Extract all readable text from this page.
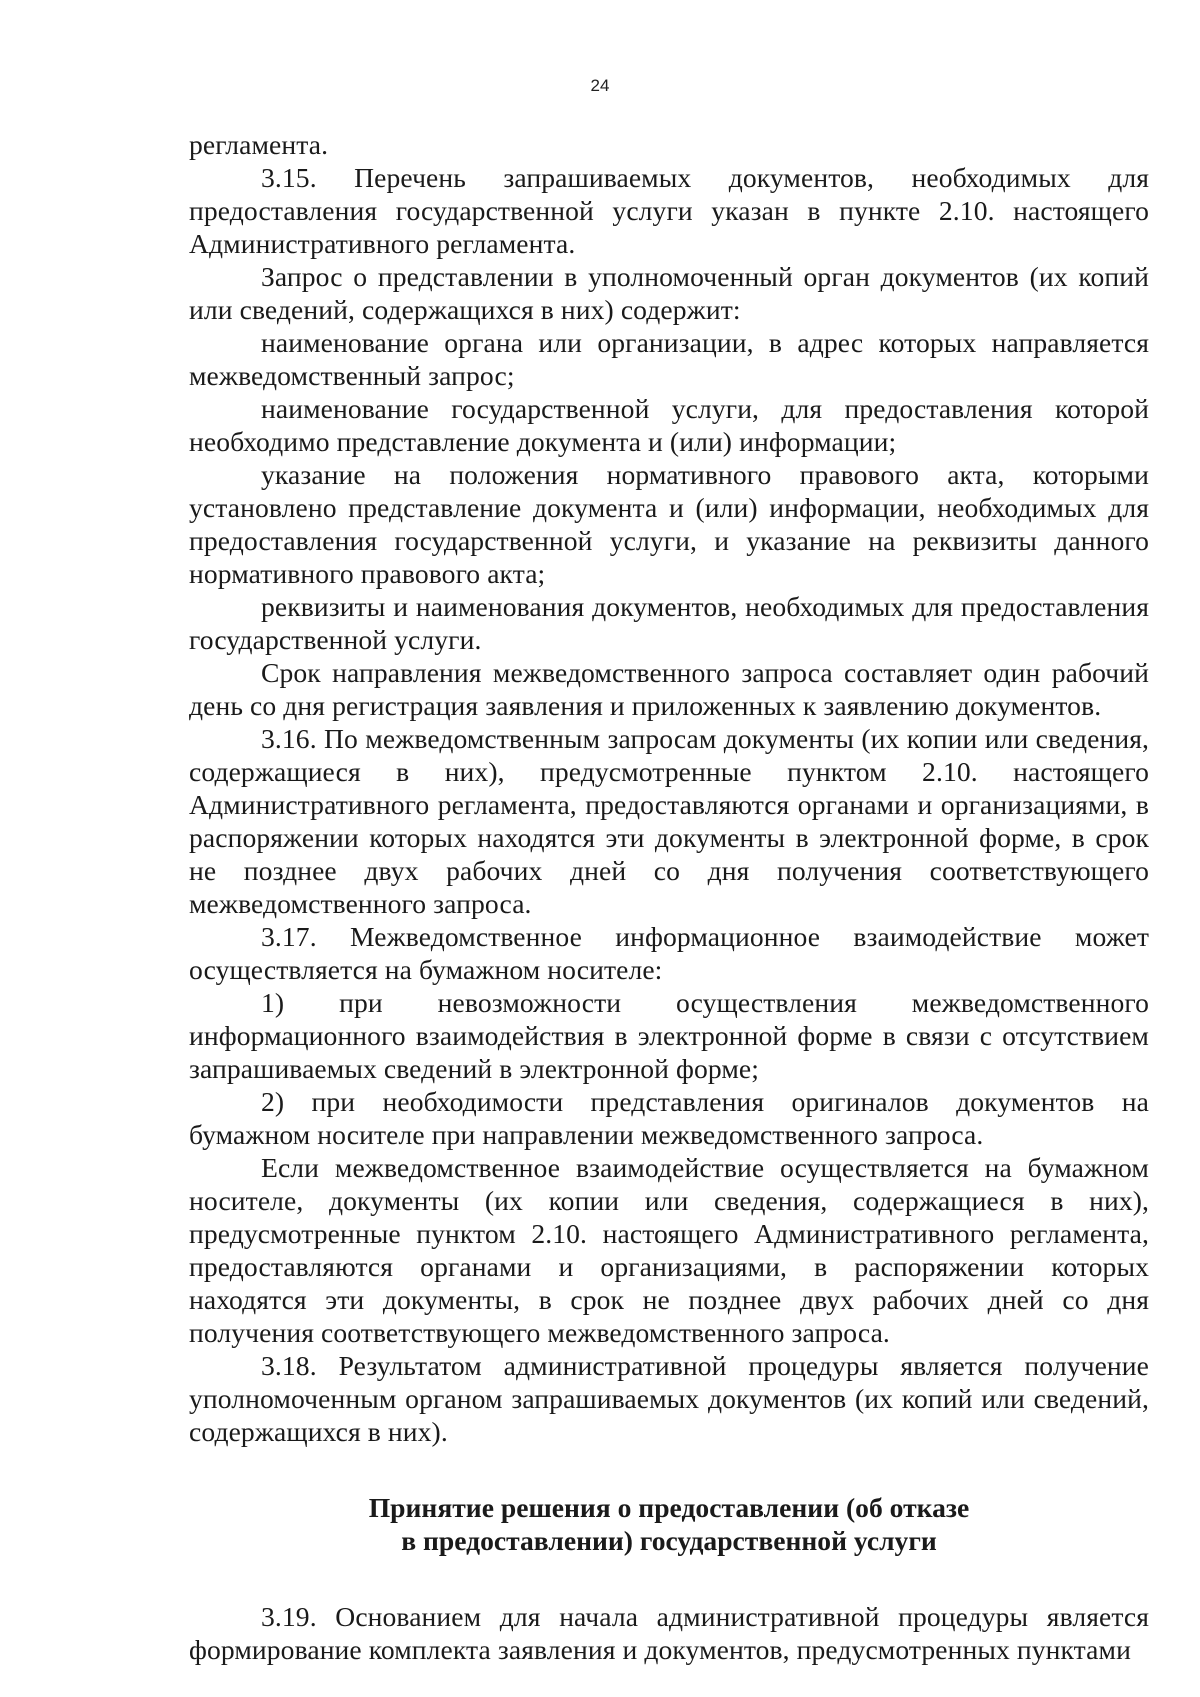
24

регламента.

3.15. Перечень запрашиваемых документов, необходимых для предоставления государственной услуги указан в пункте 2.10. настоящего Административного регламента.

Запрос о представлении в уполномоченный орган документов (их копий или сведений, содержащихся в них) содержит:

наименование органа или организации, в адрес которых направляется межведомственный запрос;

наименование государственной услуги, для предоставления которой необходимо представление документа и (или) информации;

указание на положения нормативного правового акта, которыми установлено представление документа и (или) информации, необходимых для предоставления государственной услуги, и указание на реквизиты данного нормативного правового акта;

реквизиты и наименования документов, необходимых для предоставления государственной услуги.

Срок направления межведомственного запроса составляет один рабочий день со дня регистрация заявления и приложенных к заявлению документов.

3.16. По межведомственным запросам документы (их копии или сведения, содержащиеся в них), предусмотренные пунктом 2.10. настоящего Административного регламента, предоставляются органами и организациями, в распоряжении которых находятся эти документы в электронной форме, в срок не позднее двух рабочих дней со дня получения соответствующего межведомственного запроса.

3.17. Межведомственное информационное взаимодействие может осуществляется на бумажном носителе:

1) при невозможности осуществления межведомственного информационного взаимодействия в электронной форме в связи с отсутствием запрашиваемых сведений в электронной форме;

2) при необходимости представления оригиналов документов на бумажном носителе при направлении межведомственного запроса.

Если межведомственное взаимодействие осуществляется на бумажном носителе, документы (их копии или сведения, содержащиеся в них), предусмотренные пунктом 2.10. настоящего Административного регламента, предоставляются органами и организациями, в распоряжении которых находятся эти документы, в срок не позднее двух рабочих дней со дня получения соответствующего межведомственного запроса.

3.18. Результатом административной процедуры является получение уполномоченным органом запрашиваемых документов (их копий или сведений, содержащихся в них).

Принятие решения о предоставлении (об отказе
в предоставлении) государственной услуги

3.19. Основанием для начала административной процедуры является формирование комплекта заявления и документов, предусмотренных пунктами
